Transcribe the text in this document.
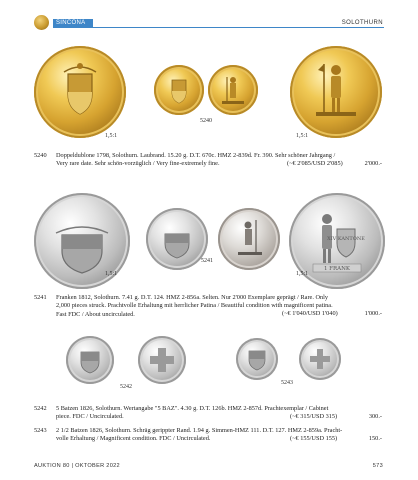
SINCONA	SOLOTHURN
5240
1,5:1	1,5:1
5240 Doppeldublone 1798, Solothurn. Laubrand. 15.20 g. D.T. 670c. HMZ 2-839d. Fr. 390. Sehr schöner Jahrgang /
Very rare date. Sehr schön-vorzüglich / Very fine-extremely fine.	(~€ 2'085/USD 2'085)	2'000.-
XIV KANTONE
1 FRANK
5241
1,5:1	1,5:1
5241 Franken 1812, Solothurn. 7.41 g. D.T. 124. HMZ 2-856a. Selten. Nur 2'000 Exemplare geprägt / Rare. Only
2,000 pieces struck. Prachtvolle Erhaltung mit herrlicher Patina / Beautiful condition with magnificent patina.
Fast FDC / About uncirculated.	(~€ 1'040/USD 1'040)	1'000.-
5242
5243
5242 5 Batzen 1826, Solothurn. Wertangabe "5 BAZ". 4.30 g. D.T. 126b. HMZ 2-857d. Prachtexemplar / Cabinet
piece. FDC / Uncirculated.	(~€ 315/USD 315)	300.-
5243 2 1/2 Batzen 1826, Solothurn. Schräg gerippter Rand. 1.94 g. Simmen-HMZ 111. D.T. 127. HMZ 2-859a. Pracht-
volle Erhaltung / Magnificent condition. FDC / Uncirculated.	(~€ 155/USD 155)	150.-
AUKTION 80 | OKTOBER 2022	573
